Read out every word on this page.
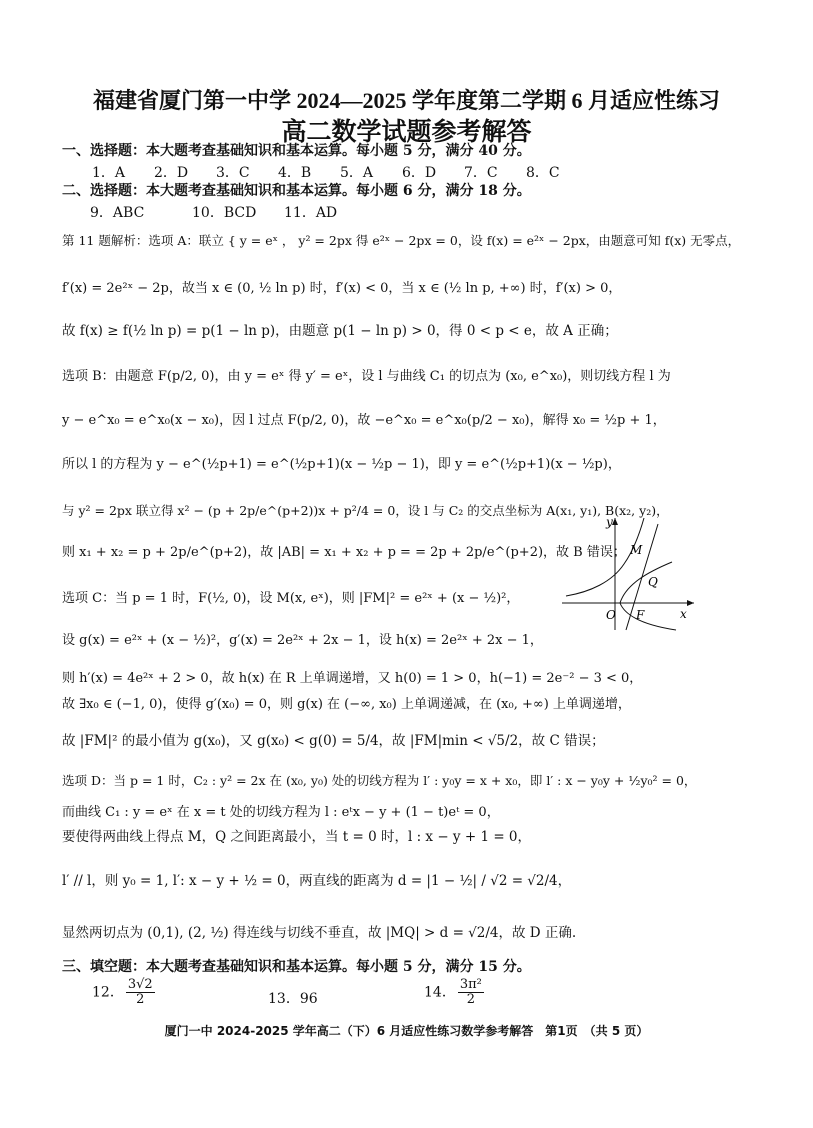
福建省厦门第一中学 2024—2025 学年度第二学期 6 月适应性练习
高二数学试题参考解答
一、选择题：本大题考查基础知识和基本运算。每小题 5 分，满分 40 分。
1．A 2．D 3．C 4．B 5．A 6．D 7．C 8．C
二、选择题：本大题考查基础知识和基本运算。每小题 6 分，满分 18 分。
9．ABC	10．BCD 11．AD
第 11 题解析：选项 A：联立 { y = eˣ ， y² = 2px 得 e²ˣ − 2px = 0，设 f(x) = e²ˣ − 2px，由题意可知 f(x) 无零点，
f′(x) = 2e²ˣ − 2p，故当 x ∈ (0, ½ ln p) 时，f′(x) < 0，当 x ∈ (½ ln p, +∞) 时，f′(x) > 0，
故 f(x) ≥ f(½ ln p) = p(1 − ln p)，由题意 p(1 − ln p) > 0，得 0 < p < e，故 A 正确；
选项 B：由题意 F(p/2, 0)，由 y = eˣ 得 y′ = eˣ，设 l 与曲线 C₁ 的切点为 (x₀, e^x₀)，则切线方程 l 为
y − e^x₀ = e^x₀(x − x₀)，因 l 过点 F(p/2, 0)，故 −e^x₀ = e^x₀(p/2 − x₀)，解得 x₀ = ½p + 1，
所以 l 的方程为 y − e^(½p+1) = e^(½p+1)(x − ½p − 1)，即 y = e^(½p+1)(x − ½p)，
与 y² = 2px 联立得 x² − (p + 2p/e^(p+2))x + p²/4 = 0，设 l 与 C₂ 的交点坐标为 A(x₁, y₁), B(x₂, y₂)，
则 x₁ + x₂ = p + 2p/e^(p+2)，故 |AB| = x₁ + x₂ + p = = 2p + 2p/e^(p+2)，故 B 错误；
选项 C：当 p = 1 时，F(½, 0)，设 M(x, eˣ)，则 |FM|² = e²ˣ + (x − ½)²，
设 g(x) = e²ˣ + (x − ½)²，g′(x) = 2e²ˣ + 2x − 1，设 h(x) = 2e²ˣ + 2x − 1，
则 h′(x) = 4e²ˣ + 2 > 0，故 h(x) 在 R 上单调递增，又 h(0) = 1 > 0，h(−1) = 2e⁻² − 3 < 0，
故 ∃x₀ ∈ (−1, 0)，使得 g′(x₀) = 0，则 g(x) 在 (−∞, x₀) 上单调递减，在 (x₀, +∞) 上单调递增，
故 |FM|² 的最小值为 g(x₀)，又 g(x₀) < g(0) = 5/4，故 |FM|min < √5/2，故 C 错误；
选项 D：当 p = 1 时，C₂ : y² = 2x 在 (x₀, y₀) 处的切线方程为 l′ : y₀y = x + x₀，即 l′ : x − y₀y + ½y₀² = 0，
而曲线 C₁ : y = eˣ 在 x = t 处的切线方程为 l : eᵗx − y + (1 − t)eᵗ = 0，
要使得两曲线上得点 M，Q 之间距离最小，当 t = 0 时，l : x − y + 1 = 0，
l′ // l，则 y₀ = 1, l′: x − y + ½ = 0，两直线的距离为 d = |1 − ½| / √2 = √2/4，
显然两切点为 (0,1), (2, ½) 得连线与切线不垂直，故 |MQ| > d = √2/4，故 D 正确.
y
M
Q
O F	x
三、填空题：本大题考查基础知识和基本运算。每小题 5 分，满分 15 分。
12． $\frac{3√2}{2}$	13．96	14． $\frac{\text{3π²}}{2}$
厦门一中 2024-2025 学年高二（下）6 月适应性练习数学参考解答　第1页　（共 5 页）
